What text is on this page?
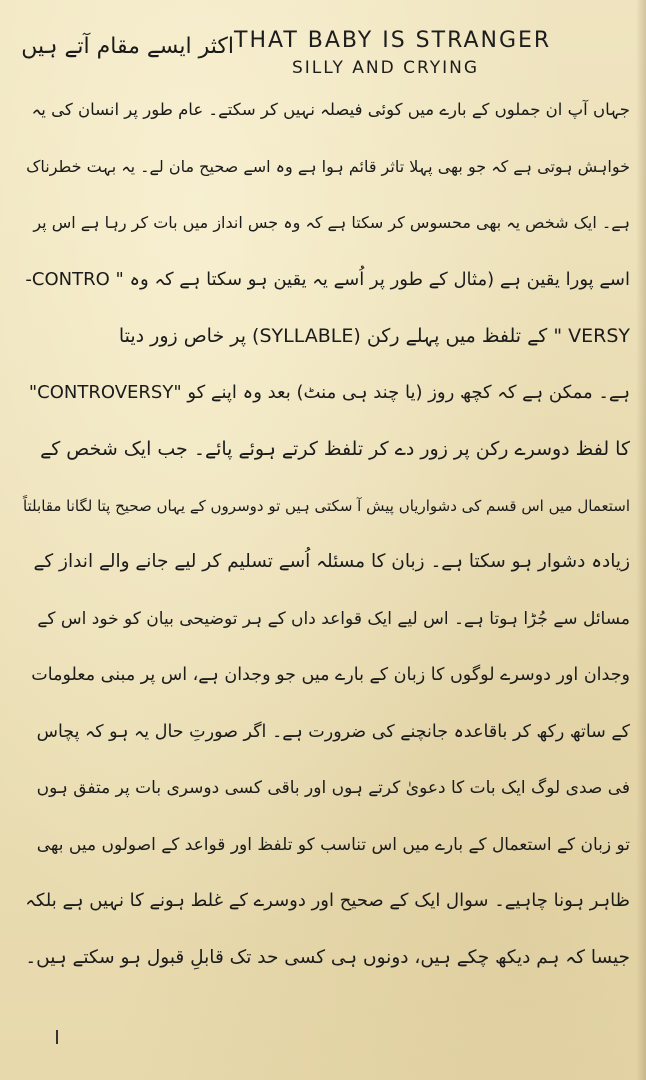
اکثر ایسے مقام آتے ہیں THAT BABY IS STRANGER
SILLY AND CRYING
جہاں آپ ان جملوں کے بارے میں کوئی فیصلہ نہیں کر سکتے۔ عام طور پر انسان کی یہ
خواہش ہوتی ہے کہ جو بھی پہلا تاثر قائم ہوا ہے وہ اسے صحیح مان لے۔ یہ بہت خطرناک
ہے۔ ایک شخص یہ بھی محسوس کر سکتا ہے کہ وہ جس انداز میں بات کر رہا ہے اس پر
اسے پورا یقین ہے (مثال کے طور پر اُسے یہ یقین ہو سکتا ہے کہ وہ " CONTRO-
VERSY " کے تلفظ میں پہلے رکن (SYLLABLE) پر خاص زور دیتا
ہے۔ ممکن ہے کہ کچھ روز (یا چند ہی منٹ) بعد وہ اپنے کو "CONTROVERSY"
کا لفظ دوسرے رکن پر زور دے کر تلفظ کرتے ہوئے پائے۔ جب ایک شخص کے
استعمال میں اس قسم کی دشواریاں پیش آ سکتی ہیں تو دوسروں کے یہاں صحیح پتا لگانا مقابلتاً
زیادہ دشوار ہو سکتا ہے۔ زبان کا مسئلہ اُسے تسلیم کر لیے جانے والے انداز کے
مسائل سے جُڑا ہوتا ہے۔ اس لیے ایک قواعد داں کے ہر توضیحی بیان کو خود اس کے
وجدان اور دوسرے لوگوں کا زبان کے بارے میں جو وجدان ہے، اس پر مبنی معلومات
کے ساتھ رکھ کر باقاعدہ جانچنے کی ضرورت ہے۔ اگر صورتِ حال یہ ہو کہ پچاس
فی صدی لوگ ایک بات کا دعویٰ کرتے ہوں اور باقی کسی دوسری بات پر متفق ہوں
تو زبان کے استعمال کے بارے میں اس تناسب کو تلفظ اور قواعد کے اصولوں میں بھی
ظاہر ہونا چاہیے۔ سوال ایک کے صحیح اور دوسرے کے غلط ہونے کا نہیں ہے بلکہ
جیسا کہ ہم دیکھ چکے ہیں، دونوں ہی کسی حد تک قابلِ قبول ہو سکتے ہیں۔
